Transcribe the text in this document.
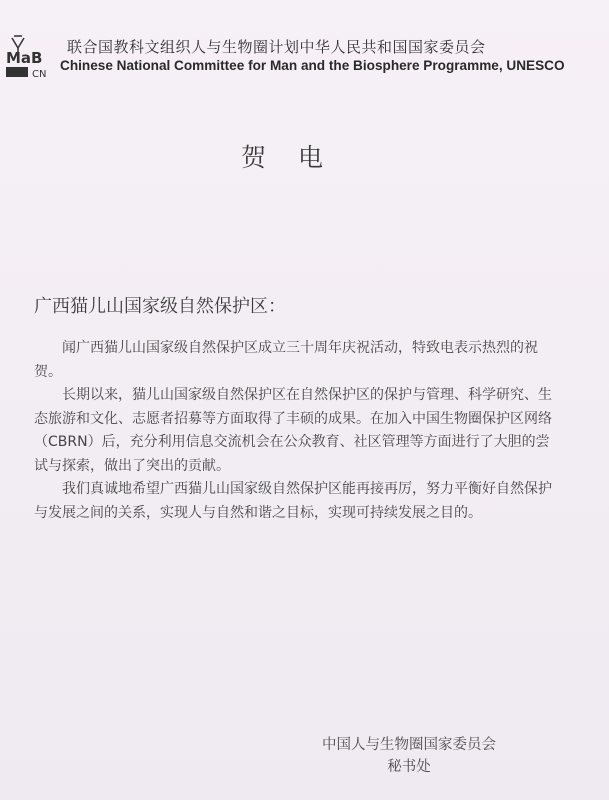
MaB
CN
联合国教科文组织人与生物圈计划中华人民共和国国家委员会
Chinese National Committee for Man and the Biosphere Programme, UNESCO
贺电
广西猫儿山国家级自然保护区：

闻广西猫儿山国家级自然保护区成立三十周年庆祝活动，特致电表示热烈的祝贺。

长期以来，猫儿山国家级自然保护区在自然保护区的保护与管理、科学研究、生态旅游和文化、志愿者招募等方面取得了丰硕的成果。在加入中国生物圈保护区网络（CBRN）后，充分利用信息交流机会在公众教育、社区管理等方面进行了大胆的尝试与探索，做出了突出的贡献。

我们真诚地希望广西猫儿山国家级自然保护区能再接再厉，努力平衡好自然保护与发展之间的关系，实现人与自然和谐之目标，实现可持续发展之目的。

中国人与生物圈国家委员会
秘书处
